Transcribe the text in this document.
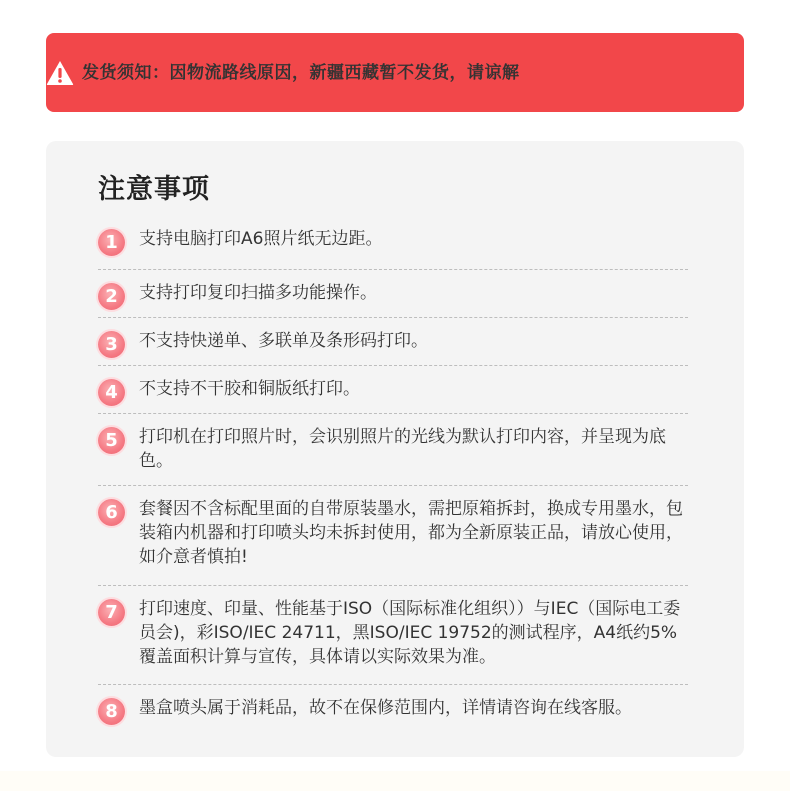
发货须知：因物流路线原因，新疆西藏暂不发货，请谅解
注意事项
1	支持电脑打印A6照片纸无边距。
2	支持打印复印扫描多功能操作。
3	不支持快递单、多联单及条形码打印。
4	不支持不干胶和铜版纸打印。
5	打印机在打印照片时，会识别照片的光线为默认打印内容，并呈现为底色。
6	套餐因不含标配里面的自带原装墨水，需把原箱拆封，换成专用墨水，包装箱内机器和打印喷头均未拆封使用，都为全新原装正品，请放心使用，如介意者慎拍!
7	打印速度、印量、性能基于ISO（国际标准化组织））与IEC（国际电工委员会)，彩ISO/IEC 24711，黑ISO/IEC 19752的测试程序，A4纸约5%覆盖面积计算与宣传，具体请以实际效果为准。
8	墨盒喷头属于消耗品，故不在保修范围内，详情请咨询在线客服。
